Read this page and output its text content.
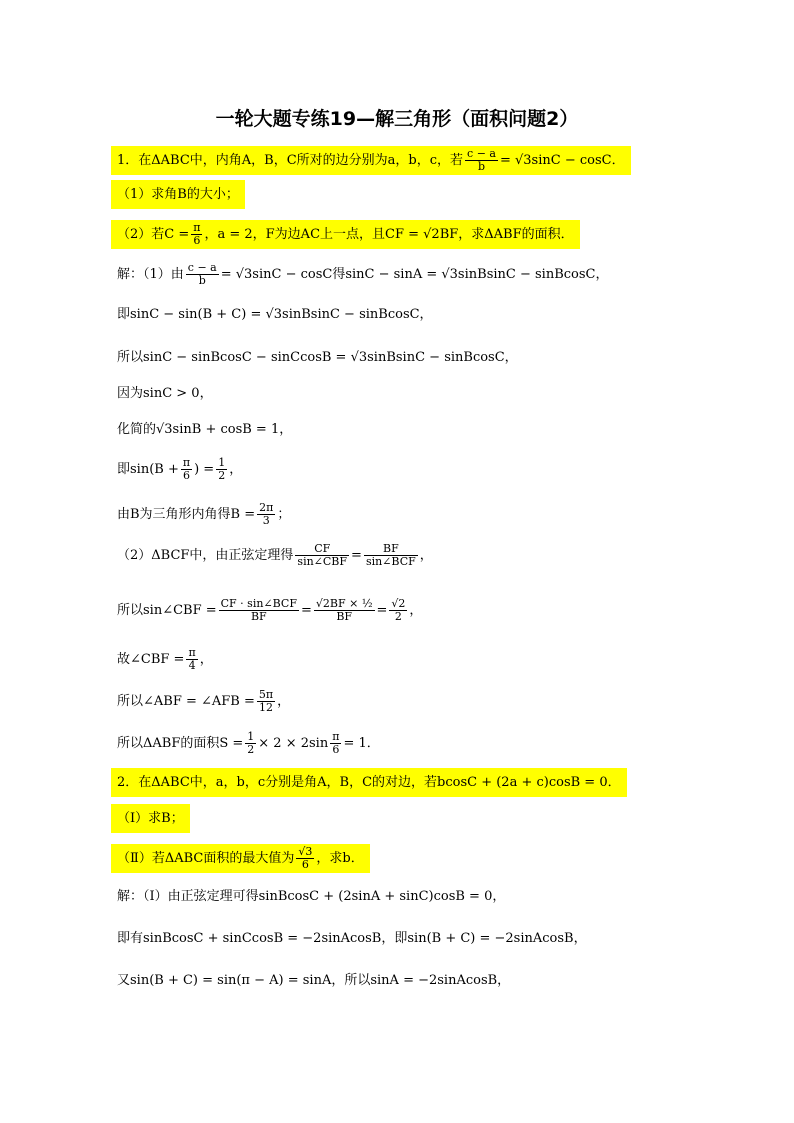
一轮大题专练19—解三角形（面积问题2）
1．在ΔABC中，内角A，B，C所对的边分别为a，b，c，若 $\frac{c - a}{b} = √3\sin C - \cos C$．
（1）求角B的大小；
（2）若$C = \frac{\pi}{6}$ ，a = 2，F为边AC上一点，且CF = √2BF，求ΔABF的面积．
解：（1）由 $\frac{c - a}{b} = √3\sin C - \cos C$得sinC − sinA = √3sinBsinC − sinBcosC，
即sinC − sin(B + C) = √3sinBsinC − sinBcosC，
所以sinC − sinBcosC − sinCcosB = √3sinBsinC − sinBcosC，
因为sinC > 0，
化简的√3sinB + cosB = 1，
即$\sin(B + \frac{\pi}{6}$ ) = $\frac{1}{2}$ ，
由B为三角形内角得$B = \frac{2\pi}{3}$ ；
（2）ΔBCF中，由正弦定理得 $\frac{CF}{\text{sin∠CBF}} = \frac{BF}{\text{sin∠BCF}}$ ，
所以sin∠CBF = $\frac{\text{CF · sin∠BCF}}{BF} = \frac{\text{√2BF × ½}}{BF} = \frac{√2}{2}$ ，
故∠CBF = $\frac{\pi}{4}$ ，
所以∠ABF = ∠AFB = $\frac{5\pi}{12}$ ，
所以ΔABF的面积$S = \frac{1}{2} \times 2 \times 2\sin \frac{\pi}{6} = 1$．
2．在ΔABC中，a，b，c分别是角A，B，C的对边，若bcosC + (2a + c)cosB = 0．
（Ⅰ）求B；
（Ⅱ）若ΔABC面积的最大值为 $\frac{√3}{6}$ ，求b．
解：（Ⅰ）由正弦定理可得sinBcosC + (2sinA + sinC)cosB = 0，
即有sinBcosC + sinCcosB = −2sinAcosB，即sin(B + C) = −2sinAcosB，
又sin(B + C) = sin(π − A) = sinA，所以sinA = −2sinAcosB，
